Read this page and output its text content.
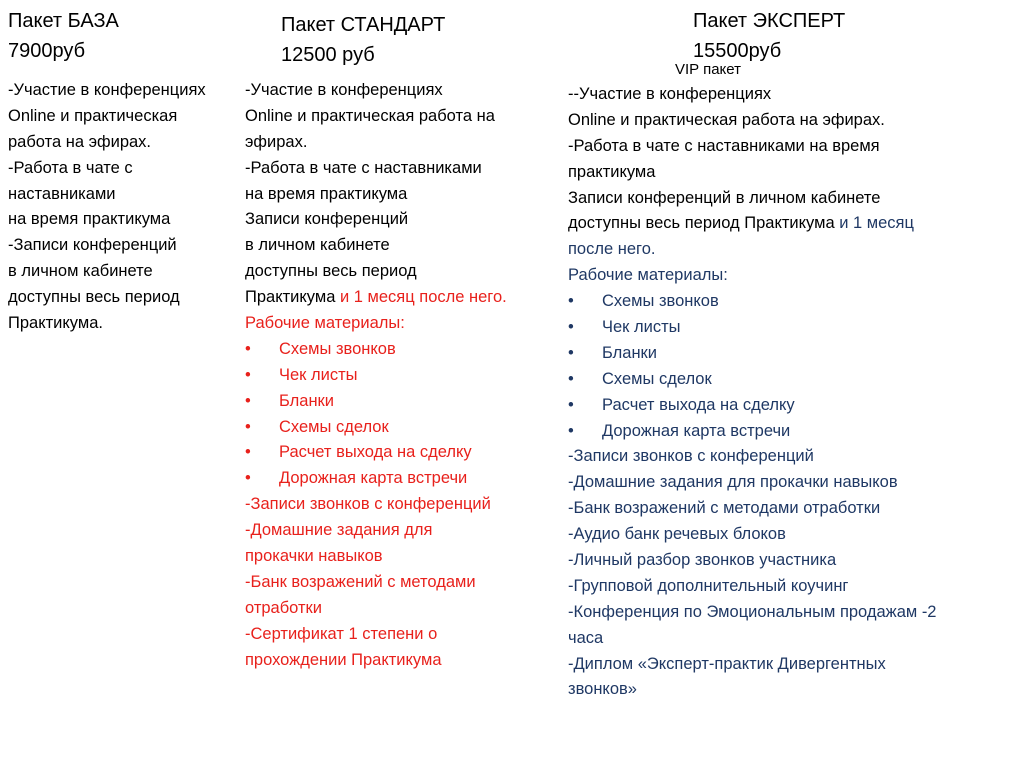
Пакет БАЗА
7900руб
-Участие в конференциях
Online и практическая
работа на эфирах.
-Работа в чате с
наставниками
на время практикума
-Записи конференций
в личном кабинете
доступны весь период
Практикума.
Пакет СТАНДАРТ
12500 руб
-Участие в конференциях
Online и практическая работа на
эфирах.
-Работа в чате с наставниками
на время практикума
Записи конференций
в личном кабинете
доступны весь период
Практикума и 1 месяц после него.
Рабочие материалы:
• Схемы звонков
• Чек листы
• Бланки
• Схемы сделок
• Расчет выхода на сделку
• Дорожная карта встречи
-Записи звонков с конференций
-Домашние задания для
прокачки навыков
-Банк возражений с методами
отработки
-Сертификат 1 степени о
прохождении Практикума
Пакет ЭКСПЕРТ
15500руб
VIP пакет
--Участие в конференциях
Online и практическая работа на эфирах.
-Работа в чате с наставниками на время
практикума
Записи конференций в личном кабинете
доступны весь период Практикума и 1 месяц
после него.
Рабочие материалы:
• Схемы звонков
• Чек листы
• Бланки
• Схемы сделок
• Расчет выхода на сделку
• Дорожная карта встречи
-Записи звонков с конференций
-Домашние задания для прокачки навыков
-Банк возражений с методами отработки
-Аудио банк речевых блоков
-Личный разбор звонков участника
-Групповой дополнительный коучинг
-Конференция по Эмоциональным продажам -2
часа
-Диплом «Эксперт-практик Дивергентных
звонков»
